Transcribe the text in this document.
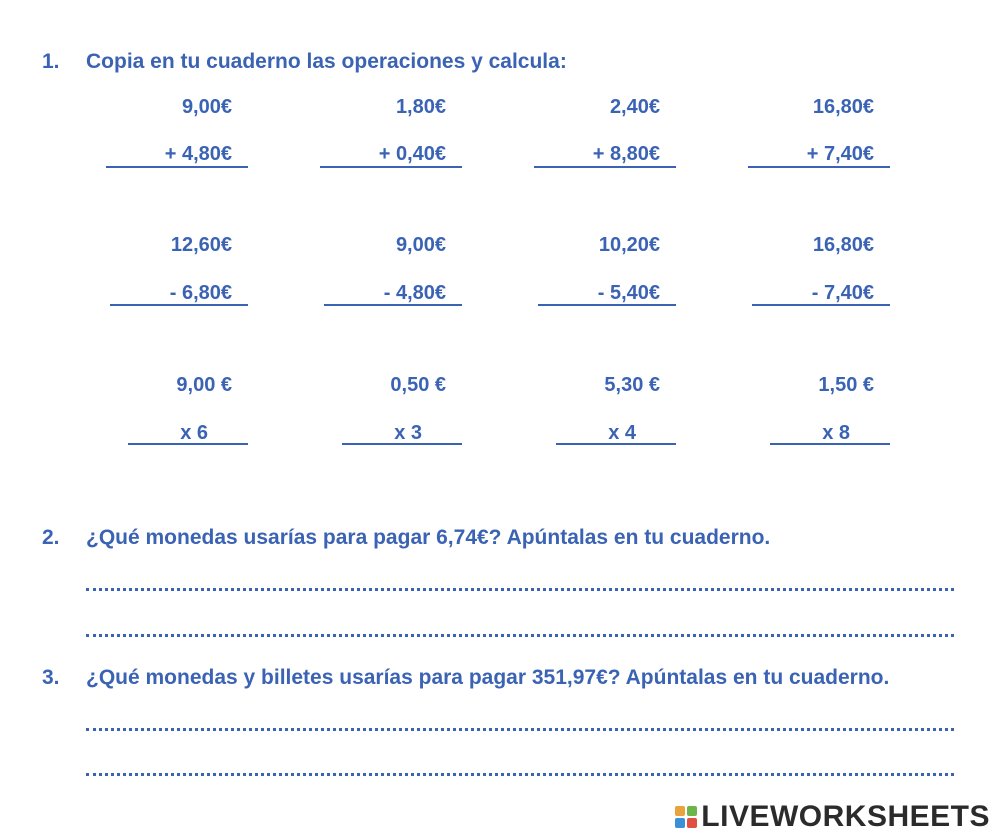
1. Copia en tu cuaderno las operaciones y calcula:
9,00€
+ 4,80€
1,80€
+ 0,40€
2,40€
+ 8,80€
16,80€
+ 7,40€
12,60€
- 6,80€
9,00€
- 4,80€
10,20€
- 5,40€
16,80€
- 7,40€
9,00 €
x 6
0,50 €
x 3
5,30 €
x 4
1,50 €
x 8
2. ¿Qué monedas usarías para pagar 6,74€? Apúntalas en tu cuaderno.
3. ¿Qué monedas y billetes usarías para pagar 351,97€? Apúntalas en tu cuaderno.
LIVEWORKSHEETS
